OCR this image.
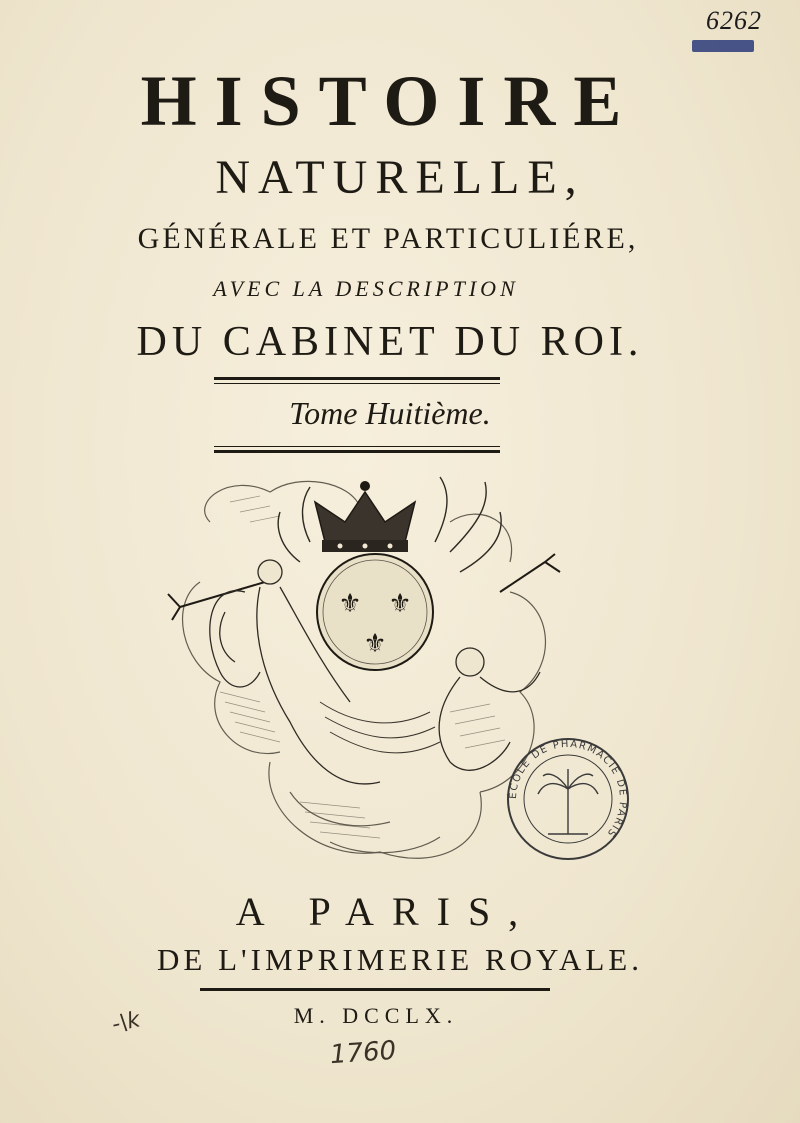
6262
HISTOIRE
NATURELLE,
GÉNÉRALE ET PARTICULIÉRE,
AVEC LA DESCRIPTION
DU CABINET DU ROI.
Tome Huitième.
⚜ ⚜
⚜
ÉCOLE DE PHARMACIE DE PARIS
A PARIS,
DE L'IMPRIMERIE ROYALE.
M. DCCLX.
-\k
1760
